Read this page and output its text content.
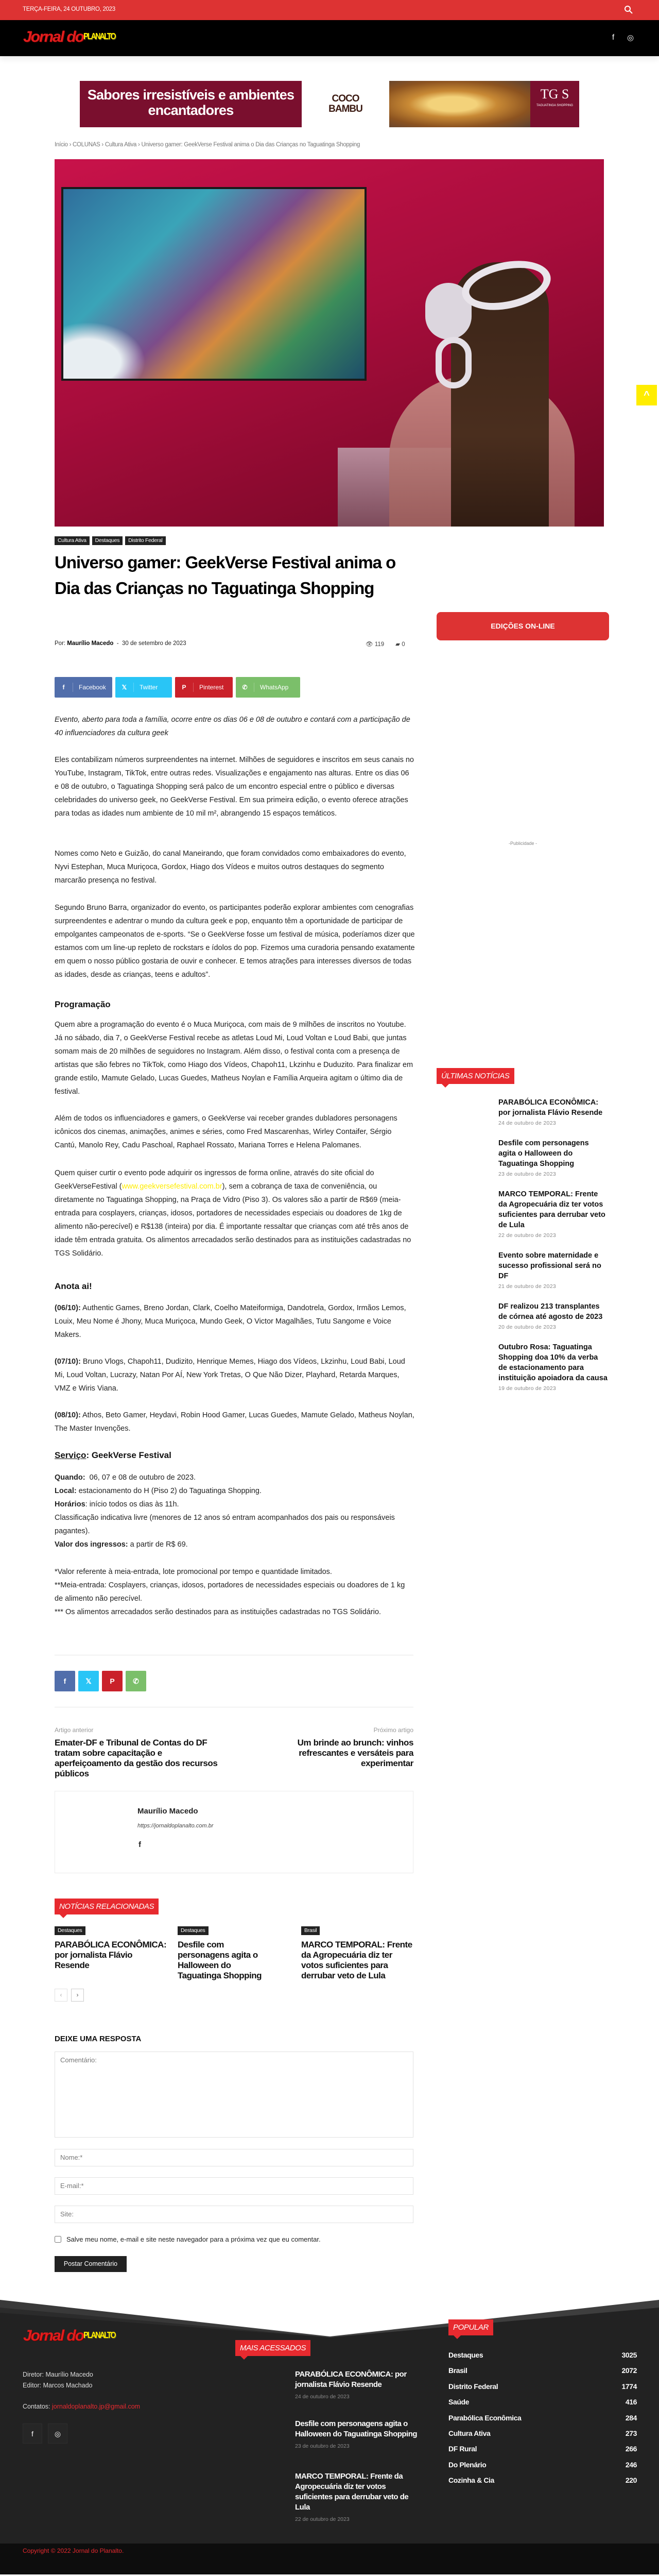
TERÇA-FEIRA, 24 OUTUBRO, 2023
Jornal do PLANALTO	f ◎
Sabores irresistíveis e ambientes encantadores
COCO
BAMBU
TG S
TAGUATINGA SHOPPING
Início › COLUNAS › Cultura Ativa › Universo gamer: GeekVerse Festival anima o Dia das Crianças no Taguatinga Shopping
^
Cultura Ativa	Destaques	Distrito Federal
Universo gamer: GeekVerse Festival anima o Dia das Crianças no Taguatinga Shopping
Por: Maurílio Macedo  -  30 de setembro de 2023	👁 119 ▰ 0
f	Facebook	𝕏	Twitter	P	Pinterest	✆	WhatsApp

Evento, aberto para toda a família, ocorre entre os dias 06 e 08 de outubro e contará com a participação de 40 influenciadores da cultura geek

Eles contabilizam números surpreendentes na internet. Milhões de seguidores e inscritos em seus canais no YouTube, Instagram, TikTok, entre outras redes. Visualizações e engajamento nas alturas. Entre os dias 06 e 08 de outubro, o Taguatinga Shopping será palco de um encontro especial entre o público e diversas celebridades do universo geek, no GeekVerse Festival. Em sua primeira edição, o evento oferece atrações para todas as idades num ambiente de 10 mil m², abrangendo 15 espaços temáticos.

Nomes como Neto e Guizão, do canal Maneirando, que foram convidados como embaixadores do evento, Nyvi Estephan, Muca Muriçoca, Gordox, Hiago dos Vídeos e muitos outros destaques do segmento marcarão presença no festival.

Segundo Bruno Barra, organizador do evento, os participantes poderão explorar ambientes com cenografias surpreendentes e adentrar o mundo da cultura geek e pop, enquanto têm a oportunidade de participar de empolgantes campeonatos de e-sports. “Se o GeekVerse fosse um festival de música, poderíamos dizer que estamos com um line-up repleto de rockstars e ídolos do pop. Fizemos uma curadoria pensando exatamente em quem o nosso público gostaria de ouvir e conhecer. E temos atrações para interesses diversos de todas as idades, desde as crianças, teens e adultos”.

Programação

Quem abre a programação do evento é o Muca Muriçoca, com mais de 9 milhões de inscritos no Youtube. Já no sábado, dia 7, o GeekVerse Festival recebe as atletas Loud Mi, Loud Voltan e Loud Babi, que juntas somam mais de 20 milhões de seguidores no Instagram. Além disso, o festival conta com a presença de artistas que são febres no TikTok, como Hiago dos Vídeos, Chapoh11, Lkzinhu e Duduzito. Para finalizar em grande estilo, Mamute Gelado, Lucas Guedes, Matheus Noylan e Família Arqueira agitam o último dia de festival.

Além de todos os influenciadores e gamers, o GeekVerse vai receber grandes dubladores personagens icônicos dos cinemas, animações, animes e séries, como Fred Mascarenhas, Wirley Contaifer, Sérgio Cantú, Manolo Rey, Cadu Paschoal, Raphael Rossato, Mariana Torres e Helena Palomanes.

Quem quiser curtir o evento pode adquirir os ingressos de forma online, através do site oficial do GeekVerseFestival (www.geekversefestival.com.br), sem a cobrança de taxa de conveniência, ou diretamente no Taguatinga Shopping, na Praça de Vidro (Piso 3). Os valores são a partir de R$69 (meia-entrada para cosplayers, crianças, idosos, portadores de necessidades especiais ou doadores de 1kg de alimento não-perecível) e R$138 (inteira) por dia. É importante ressaltar que crianças com até três anos de idade têm entrada gratuita. Os alimentos arrecadados serão destinados para as instituições cadastradas no TGS Solidário.

Anota ai!

(06/10): Authentic Games, Breno Jordan, Clark, Coelho Mateiformiga, Dandotrela, Gordox, Irmãos Lemos, Louix, Meu Nome é Jhony, Muca Muriçoca, Mundo Geek, O Victor Magalhães, Tutu Sangome e Voice Makers.

(07/10): Bruno Vlogs, Chapoh11, Dudizito, Henrique Memes, Hiago dos Vídeos, Lkzinhu, Loud Babi, Loud Mi, Loud Voltan, Lucrazy, Natan Por AÍ, New York Tretas, O Que Não Dizer, Playhard, Retarda Marques, VMZ e Wiris Viana.

(08/10): Athos, Beto Gamer, Heydavi, Robin Hood Gamer, Lucas Guedes, Mamute Gelado, Matheus Noylan, The Master Invenções.

Serviço: GeekVerse Festival
Quando:  06, 07 e 08 de outubro de 2023.
Local: estacionamento do H (Piso 2) do Taguatinga Shopping.
Horários: início todos os dias às 11h.
Classificação indicativa livre (menores de 12 anos só entram acompanhados dos pais ou responsáveis pagantes).
Valor dos ingressos: a partir de R$ 69.
*Valor referente à meia-entrada, lote promocional por tempo e quantidade limitados.
**Meia-entrada: Cosplayers, crianças, idosos, portadores de necessidades especiais ou doadores de 1 kg de alimento não perecível.
*** Os alimentos arrecadados serão destinados para as instituições cadastradas no TGS Solidário.
f	𝕏	P	✆
Artigo anterior
Emater-DF e Tribunal de Contas do DF tratam sobre capacitação e aperfeiçoamento da gestão dos recursos públicos
Próximo artigo
Um brinde ao brunch: vinhos refrescantes e versáteis para experimentar
Maurílio Macedo
https://jornaldoplanalto.com.br
f
NOTÍCIAS RELACIONADAS
Destaques
PARABÓLICA ECONÔMICA: por jornalista Flávio Resende
Destaques
Desfile com personagens agita o Halloween do Taguatinga Shopping
Brasil
MARCO TEMPORAL: Frente da Agropecuária diz ter votos suficientes para derrubar veto de Lula
‹	›
DEIXE UMA RESPOSTA
Comentário:
Nome:*
E-mail:*
Site:
Salve meu nome, e-mail e site neste navegador para a próxima vez que eu comentar.
Postar Comentário
EDIÇÕES ON-LINE
-Publicidade -
ÚLTIMAS NOTÍCIAS
PARABÓLICA ECONÔMICA: por jornalista Flávio Resende
24 de outubro de 2023
Desfile com personagens agita o Halloween do Taguatinga Shopping
23 de outubro de 2023
MARCO TEMPORAL: Frente da Agropecuária diz ter votos suficientes para derrubar veto de Lula
22 de outubro de 2023
Evento sobre maternidade e sucesso profissional será no DF
21 de outubro de 2023
DF realizou 213 transplantes de córnea até agosto de 2023
20 de outubro de 2023
Outubro Rosa: Taguatinga Shopping doa 10% da verba de estacionamento para instituição apoiadora da causa
19 de outubro de 2023
Jornal do PLANALTO
Diretor: Maurílio Macedo
Editor: Marcos Machado
Contatos: jornaldoplanalto.jp@gmail.com
f	◎
MAIS ACESSADOS
PARABÓLICA ECONÔMICA: por jornalista Flávio Resende
24 de outubro de 2023
Desfile com personagens agita o Halloween do Taguatinga Shopping
23 de outubro de 2023
MARCO TEMPORAL: Frente da Agropecuária diz ter votos suficientes para derrubar veto de Lula
22 de outubro de 2023
POPULAR
Destaques	3025
Brasil	2072
Distrito Federal	1774
Saúde	416
Parabólica Econômica	284
Cultura Ativa	273
DF Rural	266
Do Plenário	246
Cozinha & Cia	220
Copyright © 2022 Jornal do Planalto.
